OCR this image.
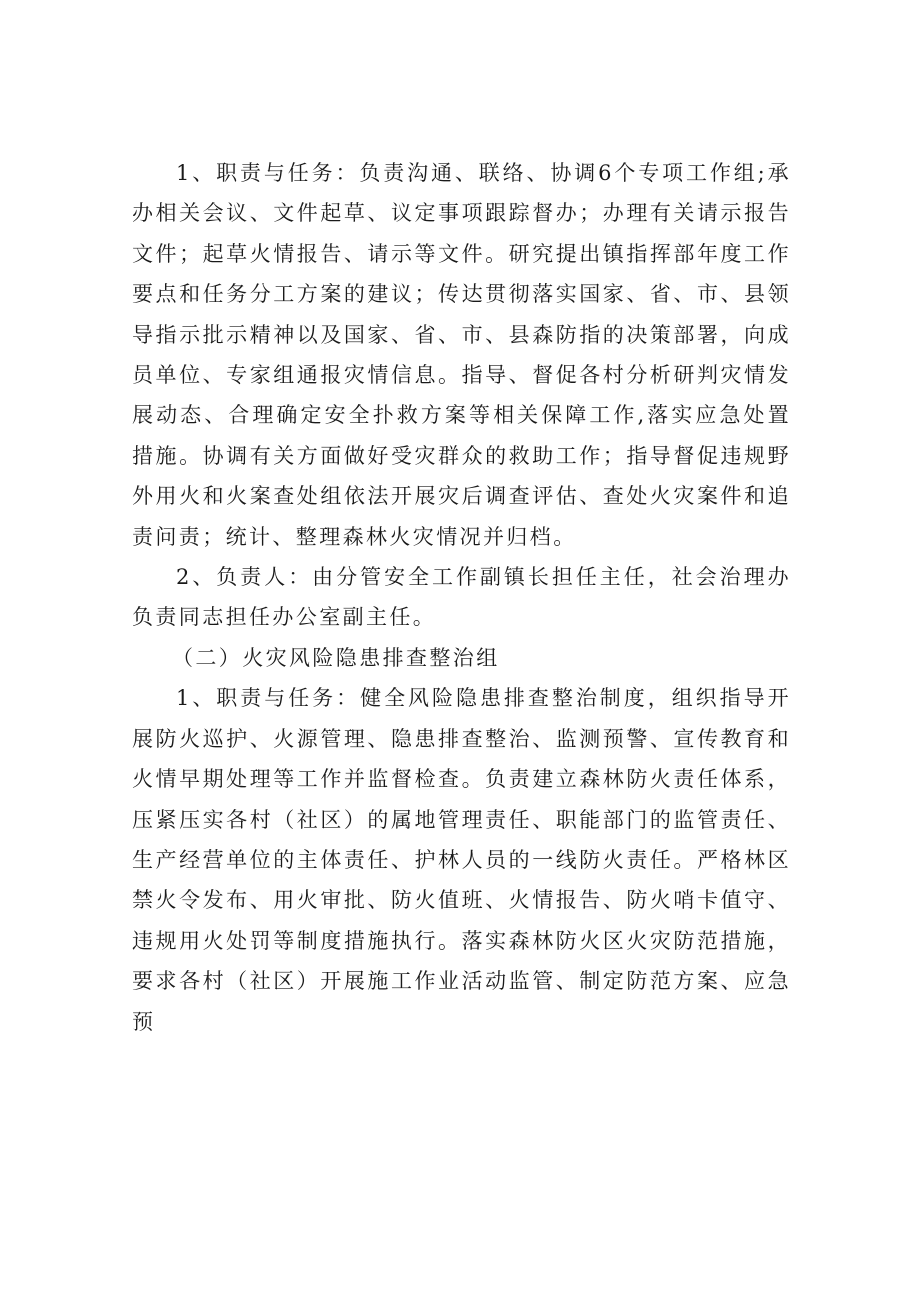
1、职责与任务：负责沟通、联络、协调6个专项工作组;承办相关会议、文件起草、议定事项跟踪督办；办理有关请示报告文件；起草火情报告、请示等文件。研究提出镇指挥部年度工作要点和任务分工方案的建议；传达贯彻落实国家、省、市、县领导指示批示精神以及国家、省、市、县森防指的决策部署，向成员单位、专家组通报灾情信息。指导、督促各村分析研判灾情发展动态、合理确定安全扑救方案等相关保障工作,落实应急处置措施。协调有关方面做好受灾群众的救助工作；指导督促违规野外用火和火案查处组依法开展灾后调查评估、查处火灾案件和追责问责；统计、整理森林火灾情况并归档。

2、负责人：由分管安全工作副镇长担任主任，社会治理办负责同志担任办公室副主任。

（二）火灾风险隐患排查整治组

1、职责与任务：健全风险隐患排查整治制度，组织指导开展防火巡护、火源管理、隐患排查整治、监测预警、宣传教育和火情早期处理等工作并监督检查。负责建立森林防火责任体系，压紧压实各村（社区）的属地管理责任、职能部门的监管责任、生产经营单位的主体责任、护林人员的一线防火责任。严格林区禁火令发布、用火审批、防火值班、火情报告、防火哨卡值守、违规用火处罚等制度措施执行。落实森林防火区火灾防范措施，要求各村（社区）开展施工作业活动监管、制定防范方案、应急预
